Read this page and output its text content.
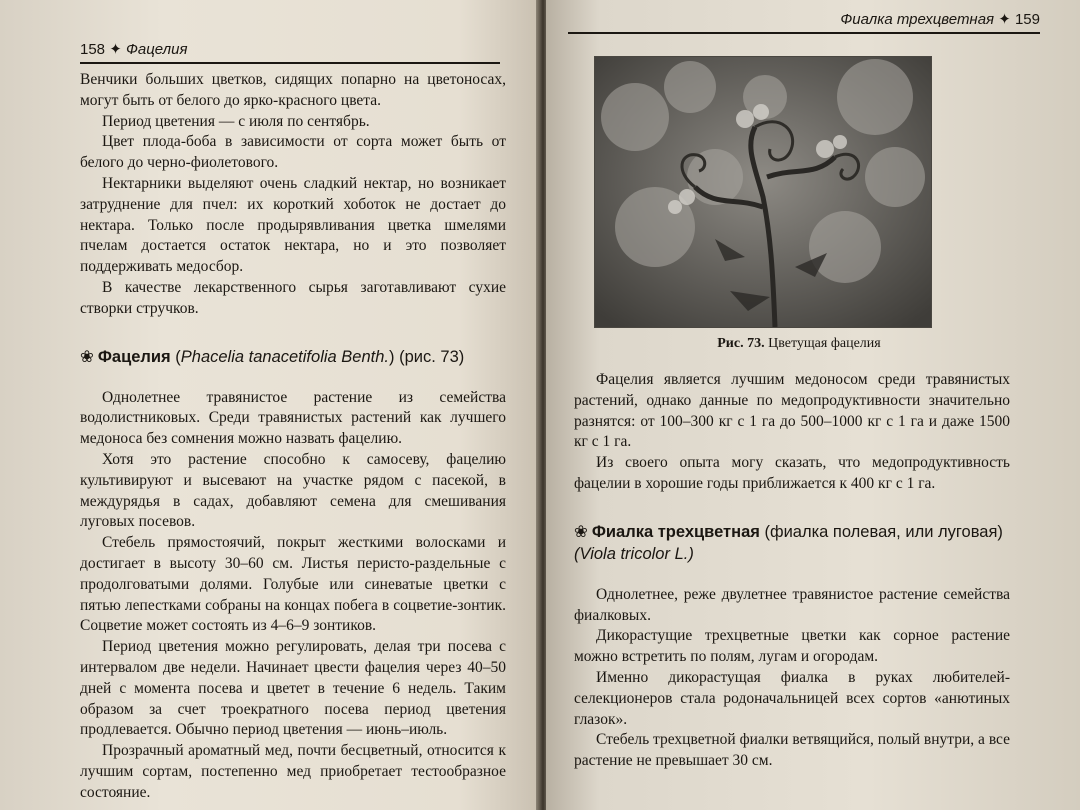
158 ✦ Фацелия

Венчики больших цветков, сидящих попарно на цветоносах, могут быть от белого до ярко-красного цвета.

Период цветения — с июля по сентябрь.

Цвет плода-боба в зависимости от сорта может быть от белого до черно-фиолетового.

Нектарники выделяют очень сладкий нектар, но возникает затруднение для пчел: их короткий хоботок не достает до нектара. Только после продырявливания цветка шмелями пчелам достается остаток нектара, но и это позволяет поддерживать медосбор.

В качестве лекарственного сырья заготавливают сухие створки стручков.

❀ Фацелия (Phacelia tanacetifolia Benth.) (рис. 73)

Однолетнее травянистое растение из семейства водолистниковых. Среди травянистых растений как лучшего медоноса без сомнения можно назвать фацелию.

Хотя это растение способно к самосеву, фацелию культивируют и высевают на участке рядом с пасекой, в междурядья в садах, добавляют семена для смешивания луговых посевов.

Стебель прямостоячий, покрыт жесткими волосками и достигает в высоту 30–60 см. Листья перисто-раздельные с продолговатыми долями. Голубые или синеватые цветки с пятью лепестками собраны на концах побега в соцветие-зонтик. Соцветие может состоять из 4–6–9 зонтиков.

Период цветения можно регулировать, делая три посева с интервалом две недели. Начинает цвести фацелия через 40–50 дней с момента посева и цветет в течение 6 недель. Таким образом за счет троекратного посева период цветения продлевается. Обычно период цветения — июнь–июль.

Прозрачный ароматный мед, почти бесцветный, относится к лучшим сортам, постепенно мед приобретает тестообразное состояние.

Фиалка трехцветная ✦ 159
Рис. 73. Цветущая фацелия

Фацелия является лучшим медоносом среди травянистых растений, однако данные по медопродуктивности значительно разнятся: от 100–300 кг с 1 га до 500–1000 кг с 1 га и даже 1500 кг с 1 га.

Из своего опыта могу сказать, что медопродуктивность фацелии в хорошие годы приближается к 400 кг с 1 га.

❀ Фиалка трехцветная (фиалка полевая, или луговая) (Viola tricolor L.)

Однолетнее, реже двулетнее травянистое растение семейства фиалковых.

Дикорастущие трехцветные цветки как сорное растение можно встретить по полям, лугам и огородам.

Именно дикорастущая фиалка в руках любителей-селекционеров стала родоначальницей всех сортов «анютиных глазок».

Стебель трехцветной фиалки ветвящийся, полый внутри, а все растение не превышает 30 см.
